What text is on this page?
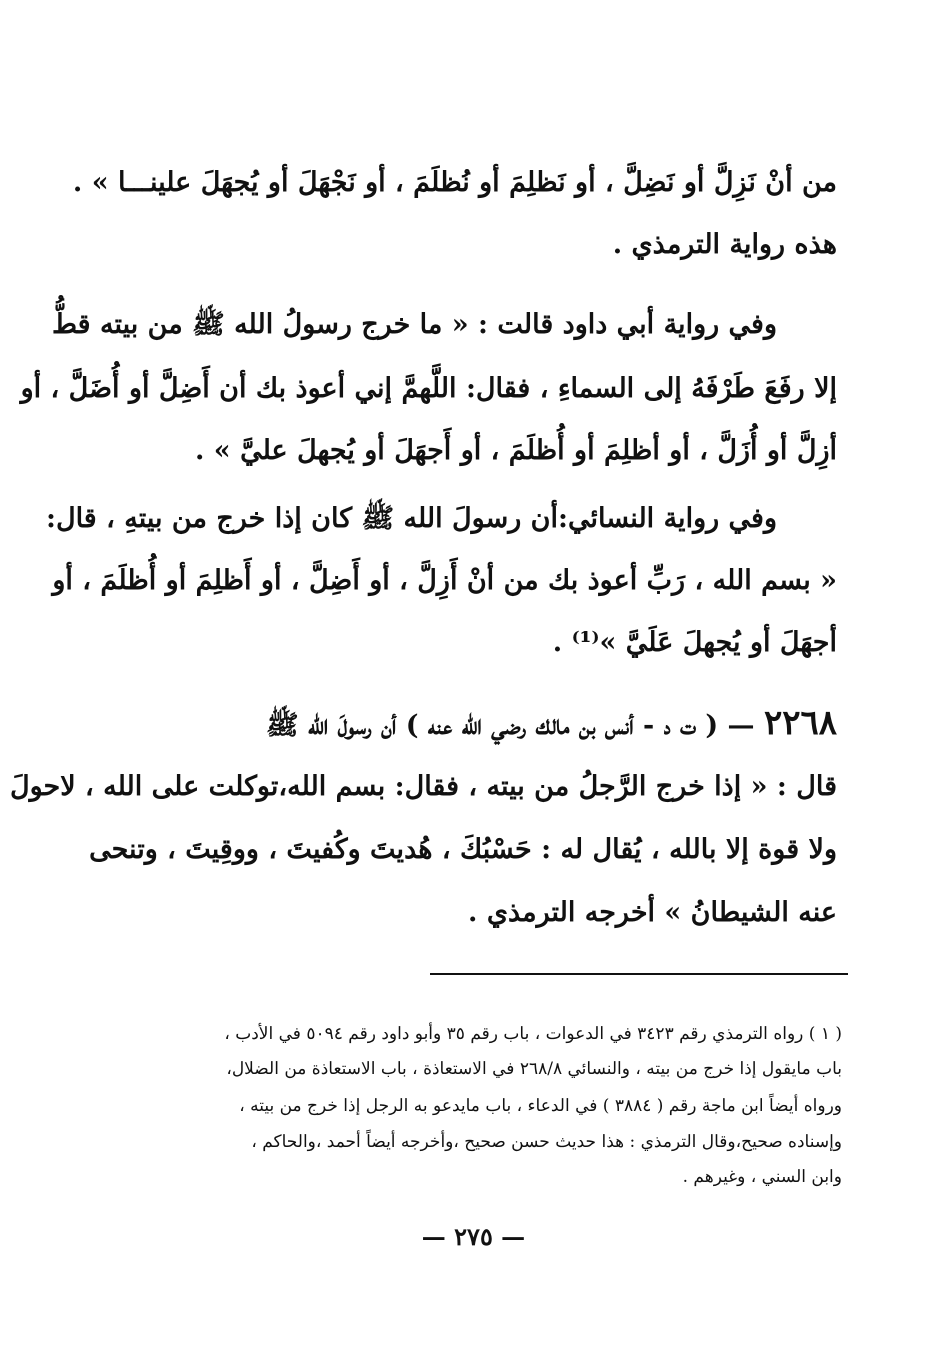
من أنْ نَزِلَّ أو نَضِلَّ ، أو نَظلِمَ أو نُظلَمَ ، أو نَجْهَلَ أو يُجهَلَ علينـــا » .
هذه رواية الترمذي .
وفي رواية أبي داود قالت : « ما خرج رسولُ الله ﷺ من بيته قطُّ
إلا رفَعَ طَرْفَهُ إلى السماءِ ، فقال: اللَّهمَّ إني أعوذ بك أن أَضِلَّ أو أُضَلَّ ، أو
أزِلَّ أو أُزَلَّ ، أو أظلِمَ أو أُظلَمَ ، أو أَجهَلَ أو يُجهلَ عليَّ » .
وفي رواية النسائي:أن رسولَ الله ﷺ كان إذا خرج من بيتهِ ، قال:
« بسم الله ، رَبِّ أعوذ بك من أنْ أَزِلَّ ، أو أَضِلَّ ، أو أَظلِمَ أو أُظلَمَ ، أو
أجهَلَ أو يُجهلَ عَلَيَّ »⁽¹⁾ .
٢٢٦٨ — ( ت د - أنس بن مالك رضي الله عنه ) أن رسولَ الله ﷺ
قال : « إذا خرج الرَّجلُ من بيته ، فقال: بسم الله،توكلت على الله ، لاحولَ
ولا قوة إلا بالله ، يُقال له : حَسْبُكَ ، هُديتَ وكُفيتَ ، ووقِيتَ ، وتنحى
عنه الشيطانُ » أخرجه الترمذي .
( ١ ) رواه الترمذي رقم ٣٤٢٣ في الدعوات ، باب رقم ٣٥ وأبو داود رقم ٥٠٩٤ في الأدب ،
باب مايقول إذا خرج من بيته ، والنسائي ٢٦٨/٨ في الاستعاذة ، باب الاستعاذة من الضلال،
ورواه أيضاً ابن ماجة رقم ( ٣٨٨٤ ) في الدعاء ، باب مايدعو به الرجل إذا خرج من بيته ،
وإسناده صحيح،وقال الترمذي : هذا حديث حسن صحيح ،وأخرجه أيضاً أحمد ،والحاكم ،
وابن السني ، وغيرهم .
— ٢٧٥ —
